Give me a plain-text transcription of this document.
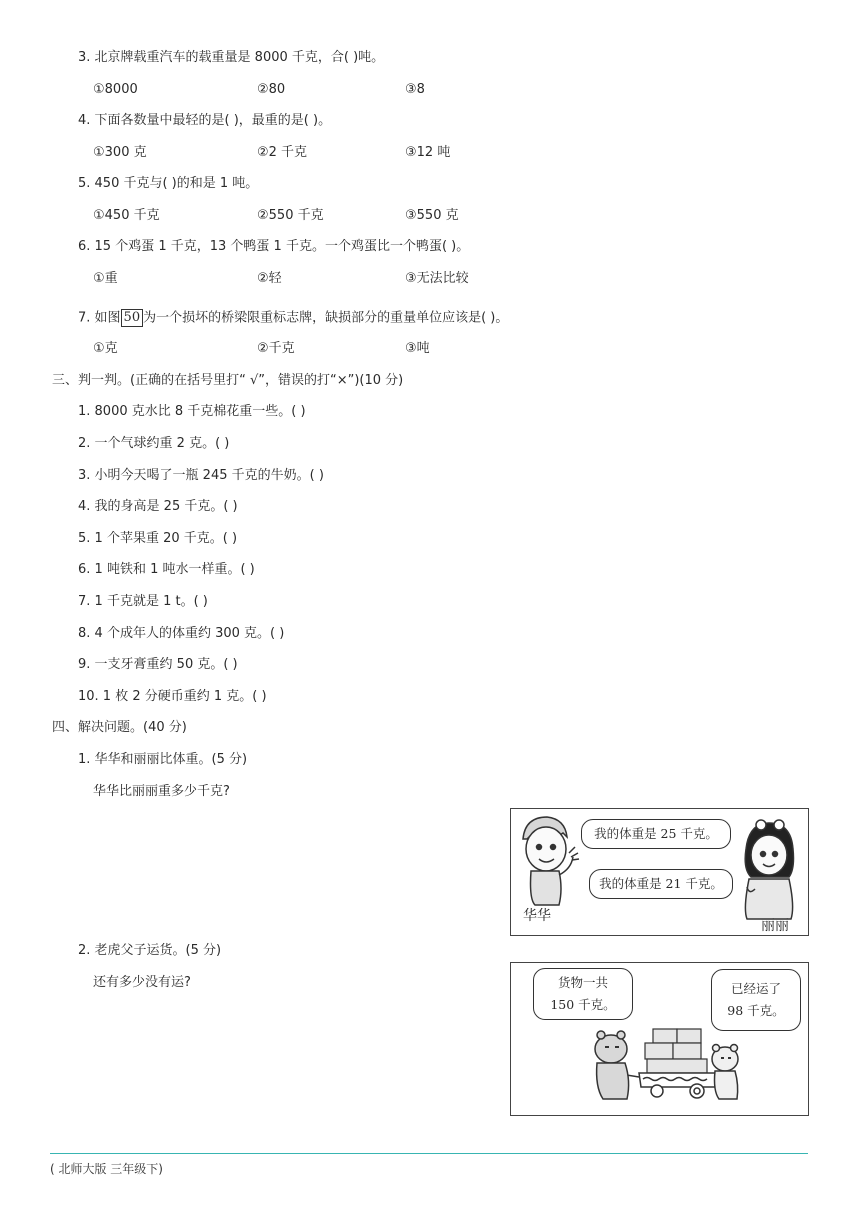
3. 北京牌载重汽车的载重量是 8000 千克，合( )吨。
①8000	②80	③8
4. 下面各数量中最轻的是( )，最重的是( )。
①300 克	②2 千克	③12 吨
5. 450 千克与( )的和是 1 吨。
①450 千克	②550 千克	③550 克
6. 15 个鸡蛋 1 千克，13 个鸭蛋 1 千克。一个鸡蛋比一个鸭蛋( )。
①重	②轻	③无法比较
7. 如图 50 为一个损坏的桥梁限重标志牌，缺损部分的重量单位应该是( )。
①克	②千克	③吨
三、判一判。(正确的在括号里打“ √”，错误的打“×”)(10 分)
1. 8000 克水比 8 千克棉花重一些。( )
2. 一个气球约重 2 克。( )
3. 小明今天喝了一瓶 245 千克的牛奶。( )
4. 我的身高是 25 千克。( )
5. 1 个苹果重 20 千克。( )
6. 1 吨铁和 1 吨水一样重。( )
7. 1 千克就是 1 t。( )
8. 4 个成年人的体重约 300 克。( )
9. 一支牙膏重约 50 克。( )
10. 1 枚 2 分硬币重约 1 克。( )
四、解决问题。(40 分)
1. 华华和丽丽比体重。(5 分)
华华比丽丽重多少千克?
我的体重是 25 千克。
我的体重是 21 千克。
华华
丽丽
2. 老虎父子运货。(5 分)
还有多少没有运?	货物一共
150 千克。
已经运了
98 千克。
( 北师大版 三年级下)
